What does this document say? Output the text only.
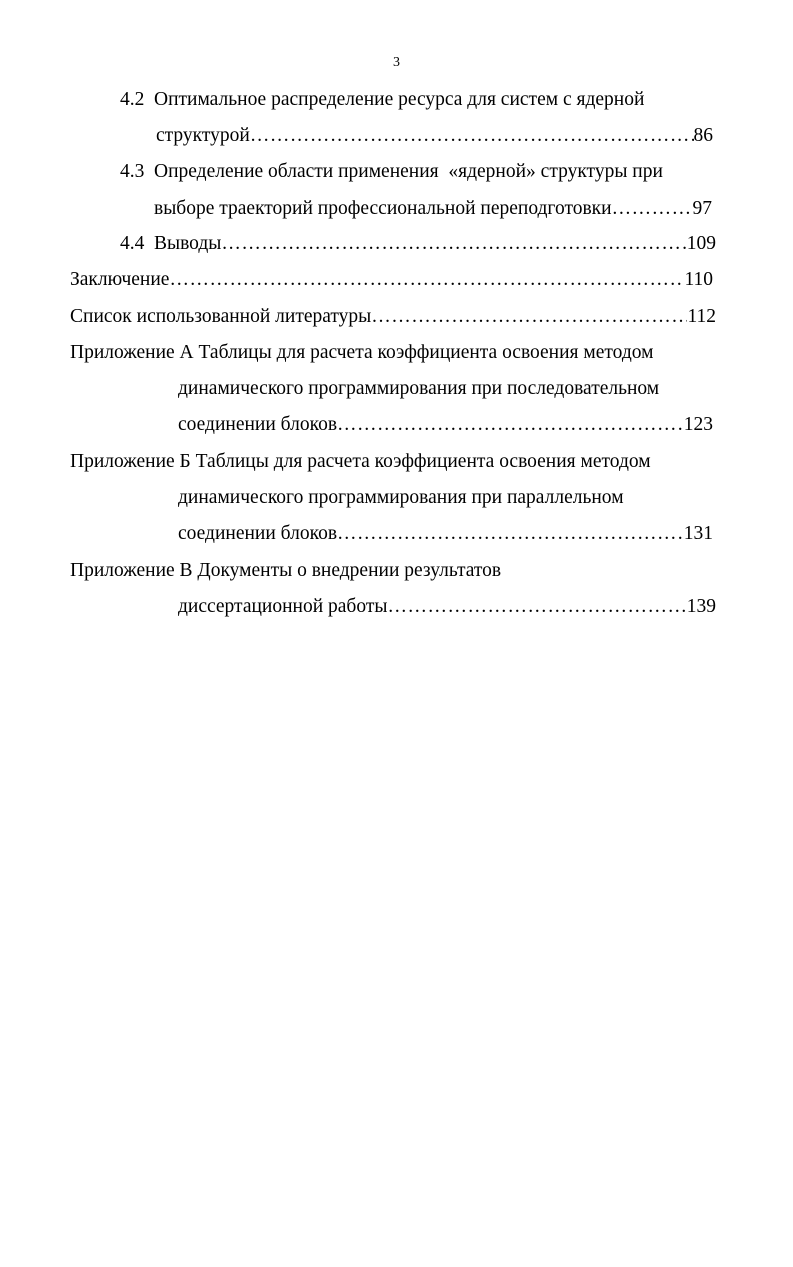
3
4.2 Оптимальное распределение ресурса для систем с ядерной
структурой ……………………………………………………………………………………………………………………………………………………………………	86
4.3 Определение области применения  «ядерной» структуры при
выборе траекторий профессиональной переподготовки ……………………………………………………………………………………………………………………………………………………………………	97
4.4 Выводы ……………………………………………………………………………………………………………………………………………………………………	109
Заключение ……………………………………………………………………………………………………………………………………………………………………	110
Список использованной литературы ……………………………………………………………………………………………………………………………………………………………………	112
Приложение А Таблицы для расчета коэффициента освоения методом
динамического программирования при последовательном
соединении блоков ……………………………………………………………………………………………………………………………………………………………………	123
Приложение Б Таблицы для расчета коэффициента освоения методом
динамического программирования при параллельном
соединении блоков ……………………………………………………………………………………………………………………………………………………………………	131
Приложение В Документы о внедрении результатов
диссертационной работы ……………………………………………………………………………………………………………………………………………………………………	139
